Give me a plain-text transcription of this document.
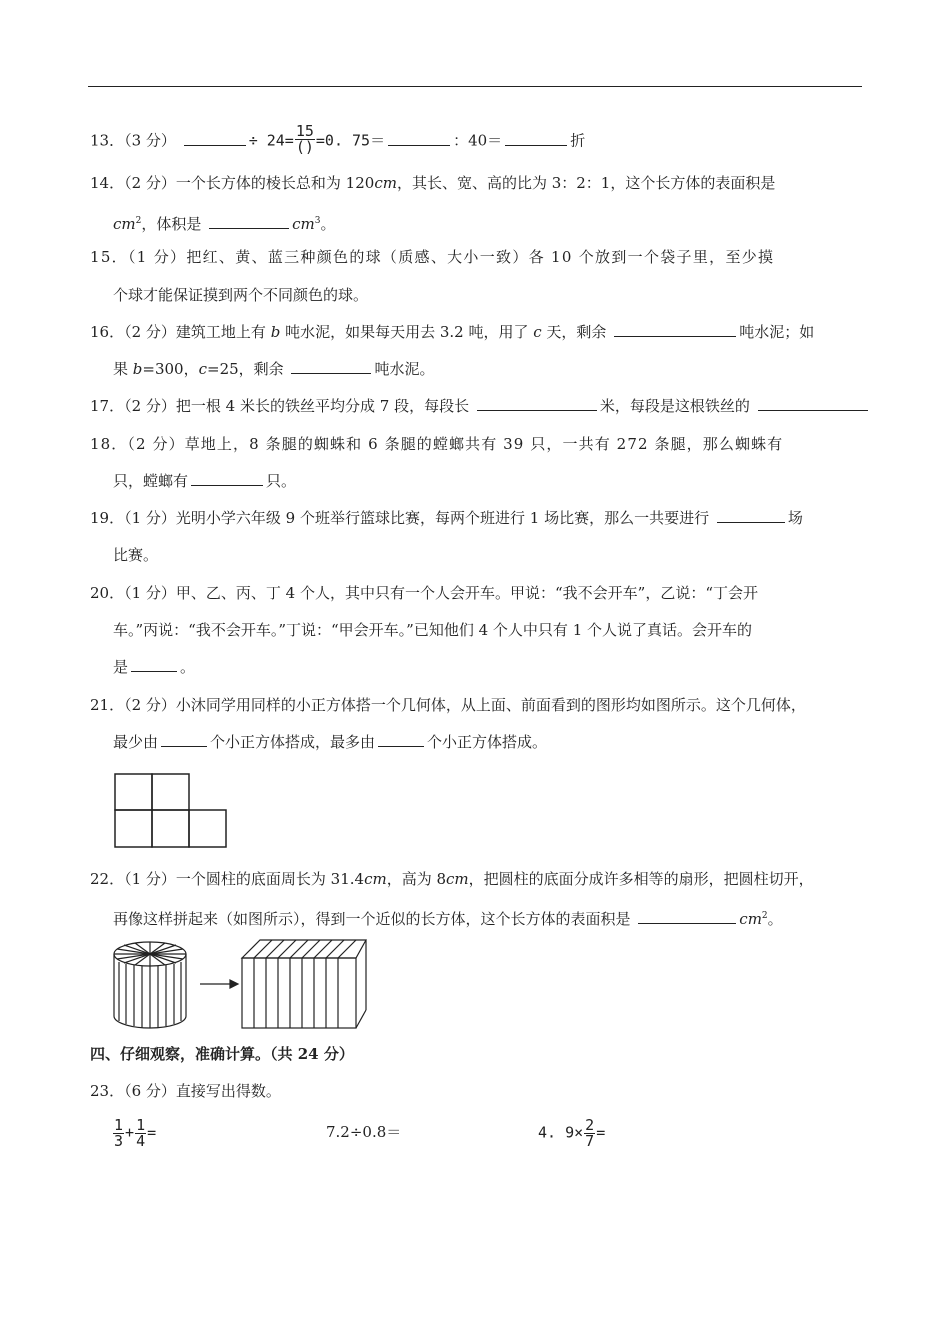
13．（3 分）	÷ $24= \frac{15}{()} =0$. 75＝	：40＝	折
14．（2 分）一个长方体的棱长总和为 120cm，其长、宽、高的比为 3：2：1，这个长方体的表面积是
$cm^2$，体积是	$cm^3$。
15．（1 分）把红、黄、蓝三种颜色的球（质感、大小一致）各 10 个放到一个袋子里，至少摸
个球才能保证摸到两个不同颜色的球。
16．（2 分）建筑工地上有 b 吨水泥，如果每天用去 3.2 吨，用了 c 天，剩余	吨水泥；如
果 b=300，c=25，剩余	吨水泥。
17．（2 分）把一根 4 米长的铁丝平均分成 7 段，每段长	米，每段是这根铁丝的
18．（2 分）草地上，8 条腿的蜘蛛和 6 条腿的螳螂共有 39 只，一共有 272 条腿，那么蜘蛛有
只，螳螂有	只。
19．（1 分）光明小学六年级 9 个班举行篮球比赛，每两个班进行 1 场比赛，那么一共要进行	场
比赛。
20．（1 分）甲、乙、丙、丁 4 个人，其中只有一个人会开车。甲说：“我不会开车”，乙说：“丁会开
车。”丙说：“我不会开车。”丁说：“甲会开车。”已知他们 4 个人中只有 1 个人说了真话。会开车的
是	。
21．（2 分）小沐同学用同样的小正方体搭一个几何体，从上面、前面看到的图形均如图所示。这个几何体，
最少由	个小正方体搭成，最多由	个小正方体搭成。
22．（1 分）一个圆柱的底面周长为 31.4cm，高为 8cm，把圆柱的底面分成许多相等的扇形，把圆柱切开，
再像这样拼起来（如图所示），得到一个近似的长方体，这个长方体的表面积是	$cm^2$。
四、仔细观察，准确计算。（共 24 分）
23．（6 分）直接写出得数。
$\frac{1}{3} + \frac{1}{4}$ =	7.2÷0.8＝	4. $9\times \frac{2}{7}$ =
